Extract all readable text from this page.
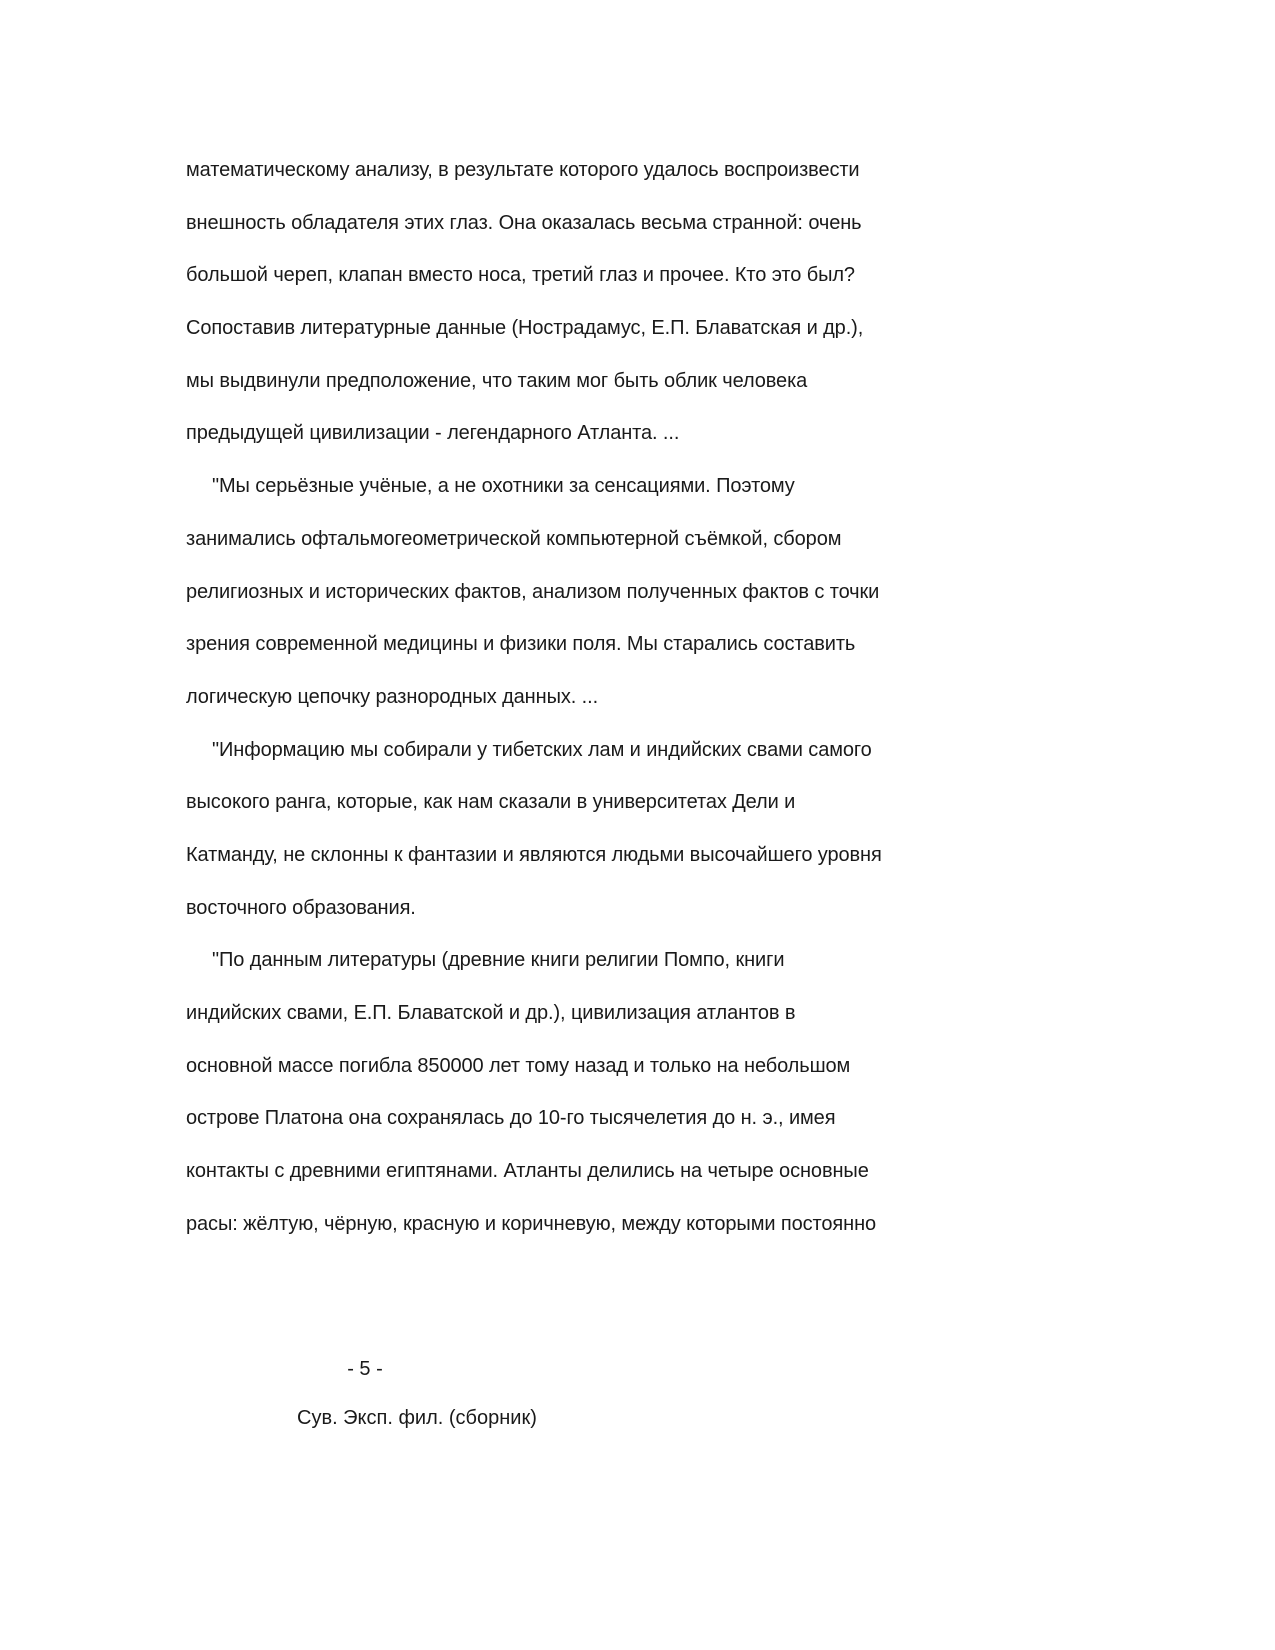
математическому анализу, в результате которого удалось воспроизвести
внешность обладателя этих глаз. Она оказалась весьма странной: очень
большой череп, клапан вместо носа, третий глаз и прочее. Кто это был?
Сопоставив литературные данные (Нострадамус, Е.П. Блаватская и др.),
мы выдвинули предположение, что таким мог быть облик человека
предыдущей цивилизации - легендарного Атланта. ...
"Мы серьёзные учёные, а не охотники за сенсациями. Поэтому
занимались офтальмогеометрической компьютерной съёмкой, сбором
религиозных и исторических фактов, анализом полученных фактов с точки
зрения современной медицины и физики поля. Мы старались составить
логическую цепочку разнородных данных. ...
"Информацию мы собирали у тибетских лам и индийских свами самого
высокого ранга, которые, как нам сказали в университетах Дели и
Катманду, не склонны к фантазии и являются людьми высочайшего уровня
восточного образования.
"По данным литературы (древние книги религии Помпо, книги
индийских свами, Е.П. Блаватской и др.), цивилизация атлантов в
основной массе погибла 850000 лет тому назад и только на небольшом
острове Платона она сохранялась до 10-го тысячелетия до н. э., имея
контакты с древними египтянами. Атланты делились на четыре основные
расы: жёлтую, чёрную, красную и коричневую, между которыми постоянно
- 5 -
Сув. Эксп. фил. (сборник)
